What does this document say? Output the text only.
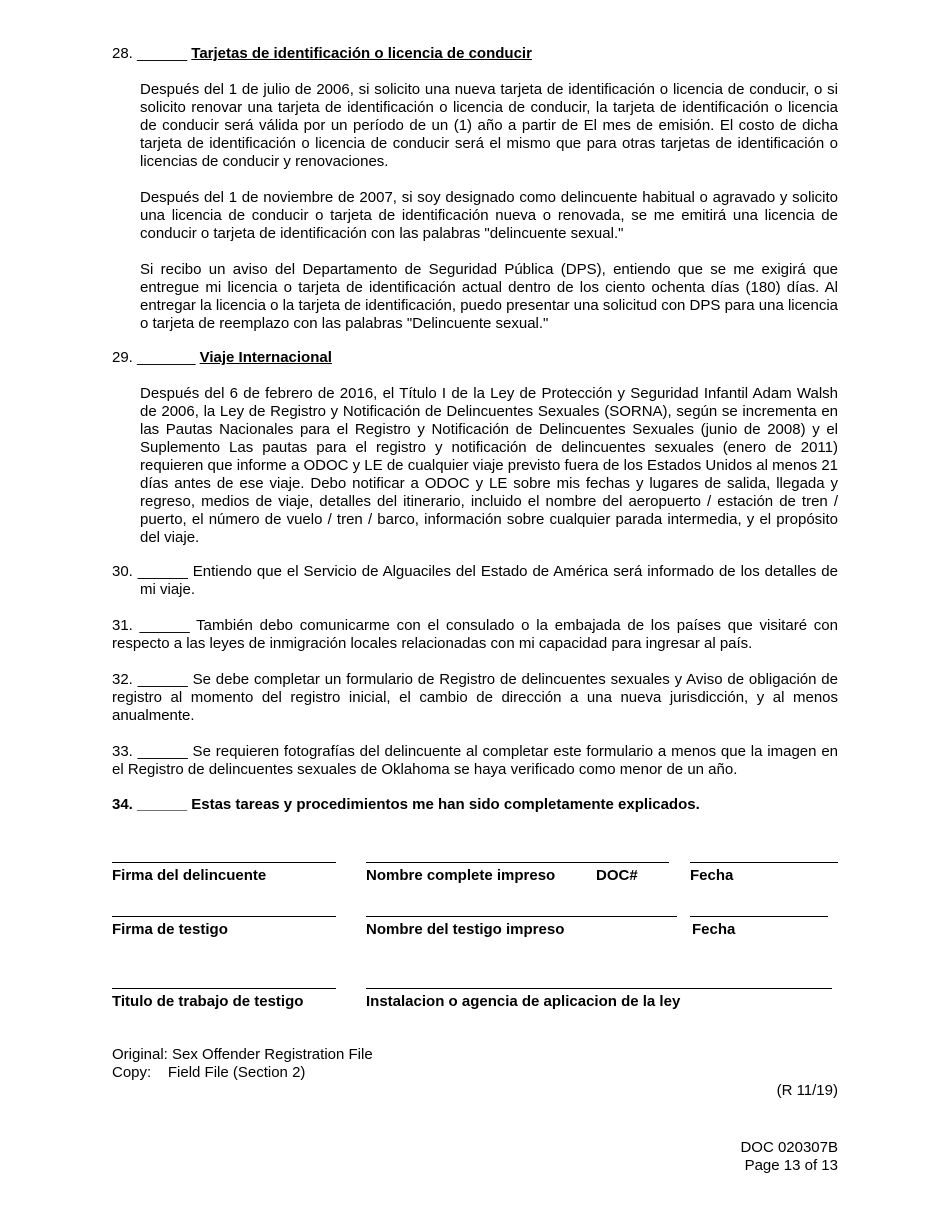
28. ______ Tarjetas de identificación o licencia de conducir
Después del 1 de julio de 2006, si solicito una nueva tarjeta de identificación o licencia de conducir, o si solicito renovar una tarjeta de identificación o licencia de conducir, la tarjeta de identificación o licencia de conducir será válida por un período de un (1) año a partir de El mes de emisión. El costo de dicha tarjeta de identificación o licencia de conducir será el mismo que para otras tarjetas de identificación o licencias de conducir y renovaciones.
Después del 1 de noviembre de 2007, si soy designado como delincuente habitual o agravado y solicito una licencia de conducir o tarjeta de identificación nueva o renovada, se me emitirá una licencia de conducir o tarjeta de identificación con las palabras "delincuente sexual."
Si recibo un aviso del Departamento de Seguridad Pública (DPS), entiendo que se me exigirá que entregue mi licencia o tarjeta de identificación actual dentro de los ciento ochenta días (180) días. Al entregar la licencia o la tarjeta de identificación, puedo presentar una solicitud con DPS para una licencia o tarjeta de reemplazo con las palabras "Delincuente sexual."
29. _______ Viaje Internacional
Después del 6 de febrero de 2016, el Título I de la Ley de Protección y Seguridad Infantil Adam Walsh de 2006, la Ley de Registro y Notificación de Delincuentes Sexuales (SORNA), según se incrementa en las Pautas Nacionales para el Registro y Notificación de Delincuentes Sexuales (junio de 2008) y el Suplemento Las pautas para el registro y notificación de delincuentes sexuales (enero de 2011) requieren que informe a ODOC y LE de cualquier viaje previsto fuera de los Estados Unidos al menos 21 días antes de ese viaje. Debo notificar a ODOC y LE sobre mis fechas y lugares de salida, llegada y regreso, medios de viaje, detalles del itinerario, incluido el nombre del aeropuerto / estación de tren / puerto, el número de vuelo / tren / barco, información sobre cualquier parada intermedia, y el propósito del viaje.
30. ______ Entiendo que el Servicio de Alguaciles del Estado de América será informado de los detalles de mi viaje.
31. ______ También debo comunicarme con el consulado o la embajada de los países que visitaré con respecto a las leyes de inmigración locales relacionadas con mi capacidad para ingresar al país.
32. ______ Se debe completar un formulario de Registro de delincuentes sexuales y Aviso de obligación de registro al momento del registro inicial, el cambio de dirección a una nueva jurisdicción, y al menos anualmente.
33. ______ Se requieren fotografías del delincuente al completar este formulario a menos que la imagen en el Registro de delincuentes sexuales de Oklahoma se haya verificado como menor de un año.
34. ______ Estas tareas y procedimientos me han sido completamente explicados.
Firma del delincuente	Nombre complete impreso	DOC#	Fecha
Firma de testigo	Nombre del testigo impreso	Fecha
Titulo de trabajo de testigo	Instalacion o agencia de aplicacion de la ley
Original: Sex Offender Registration File
Copy: Field File (Section 2)
(R 11/19)
DOC 020307B
Page 13 of 13
